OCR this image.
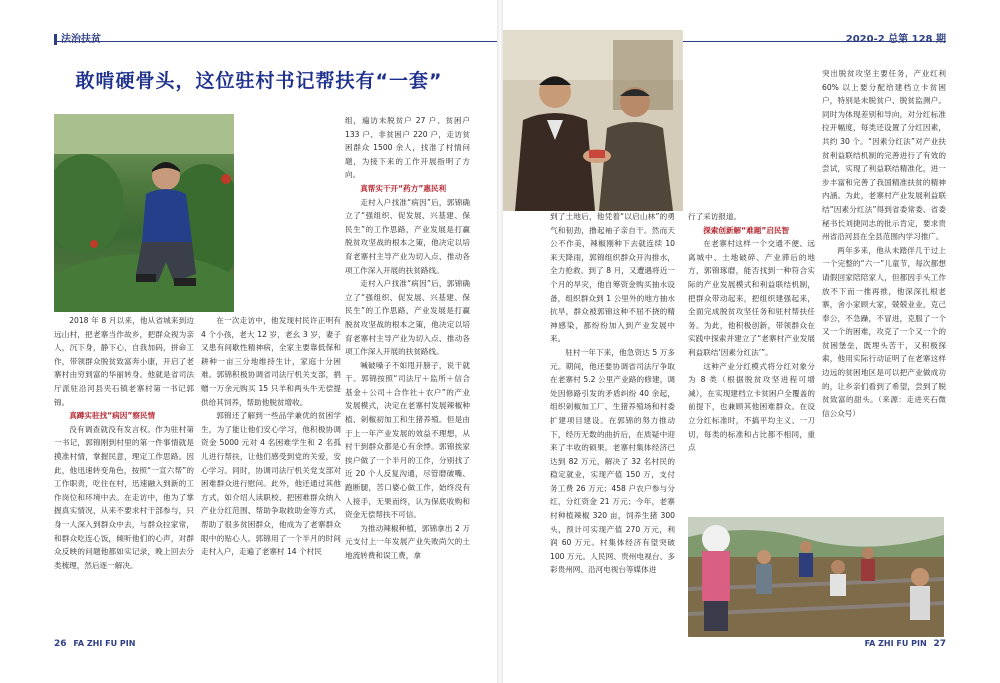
法治扶贫	2020-2 总第 128 期
敢啃硬骨头，这位驻村书记帮扶有“一套”

2018 年 8 月以来，他从省城来到边远山村，把老寨当作故乡，把群众视为亲人，沉下身，静下心，自我加码，拼命工作，带领群众脱贫致富奔小康，开启了老寨村由穷到富的华丽转身。他就是省司法厅派驻沿河县夹石镇老寨村第一书记郭锦。

真蹲实驻找“病因”察民情

没有调查就没有发言权。作为驻村第一书记，郭锦刚到村里的第一件事情就是摸准村情，掌握民意，理定工作思路。因此，他迅速转变角色，按照“一宣六帮”的工作职责，吃住在村，迅速融入到新的工作岗位和环境中去。在走访中，他为了掌握真实情况，从来不要求村干部参与，只身一人深入到群众中去，与群众拉家常，和群众吃连心饭，倾听他们的心声，对群众反映的问题他都如实记录，晚上回去分类梳理，然后逐一解决。

在一次走访中，他发现村民许正明有 4 个小孩，老大 12 岁，老幺 3 岁，妻子又患有间歇性精神病，全家主要靠低保和耕种一亩三分地维持生计，家庭十分困难。郭锦积极协调省司法厅机关支部，捐赠一万余元购买 15 只羊和两头牛无偿提供给其饲养，帮助他脱贫增收。

郭锦还了解到一些品学兼优的贫困学生，为了能让他们安心学习，他积极协调资金 5000 元对 4 名困难学生和 2 名孤儿进行帮扶，让他们感受到党的关爱，安心学习。同时，协调司法厅机关党支部对困难群众进行慰问。此外，他还通过其他方式，如介绍人读职校、把困难群众纳入产业分红范围、帮助争取救助金等方式，帮助了很多贫困群众，他成为了老寨群众眼中的贴心人。郭锦用了一个半月的时间走村入户，走遍了老寨村 14 个村民

组，遍访未脱贫户 27 户、贫困户 133 户、非贫困户 220 户，走访贫困群众 1500 余人，找准了村情问题，为接下来的工作开展指明了方向。

真帮实干开“药方”惠民利

走村入户找准“病因”后，郭锦确立了“强组织、促发展、兴基建、保民生”的工作思路，产业发展是打赢脱贫攻坚战的根本之策，他决定以培育老寨村主导产业为切入点、推动各项工作深入开展的扶贫路线。

走村入户找准“病因”后，郭锦确立了“强组织、促发展、兴基建、保民生”的工作思路，产业发展是打赢脱贫攻坚战的根本之策，他决定以培育老寨村主导产业为切入点、推动各项工作深入开展的扶贫路线。

喊破嗓子不如甩开膀子，说干就干。郭锦按照“司法厅＋监所＋信合基金＋公司＋合作社＋农户”的产业发展模式，决定在老寨村发展辣椒种植、剁椒初加工和生猪养殖。但是由于上一年产业发展的效益不理想，从村干到群众都是心有余悸。郭锦挨家挨户做了一个半月的工作，分别找了近 20 个人反复沟通，尽管磨破嘴、跑断腿，苦口婆心做工作，始终没有人接手，无果而终，认为保底收购和资金无偿帮扶不可信。

为推动辣椒种植，郭锦拿出 2 万元支付上一年发展产业失败尚欠的土地流转费和误工费，拿

到了土地后，他凭着“以启山林”的勇气和韧劲，撸起袖子亲自干。然而天公不作美，辣椒刚种下去就连续 10 来天降雨，郭锦组织群众开沟排水，全力抢救。到了 8 月，又遭遇将近一个月的旱灾，他自筹资金购买抽水设备，组织群众到 1 公里外的地方抽水抗旱，群众被郭锦这种不屈不挠的精神感染，都纷纷加入到产业发展中来。

驻村一年下来，他急资达 5 万多元。期间，他还要协调省司法厅争取在老寨村 5.2 公里产业路的修建，调处因修路引发的矛盾纠纷 40 余起，组织剁椒加工厂、生猪养殖场和村委扩建项目建设。在郭锦的努力推动下，经历无数的曲折后，在质疑中迎来了丰收的硕果。老寨村集体经济已达到 82 万元，解决了 32 名村民的稳定就业，实现产值 150 万，支付务工费 26 万元；458 户农户参与分红，分红资金 21 万元；今年，老寨村种植辣椒 320 亩，饲养生猪 300 头，预计可实现产值 270 万元，利润 60 万元。村集体经济有望突破 100 万元。人民网、贵州电视台、多彩贵州网、沿河电视台等媒体进

行了采访报道。

探索创新解“难题”启民智

在老寨村这样一个交通不便、远离城中、土地破碎、产业滞后的地方，郭锦琢磨，能否找到一种符合实际的产业发展模式和利益联结机制，把群众带动起来，把组织建强起来，全面完成脱贫攻坚任务和驻村帮扶任务。为此，他积极创新，带领群众在实践中探索并建立了“老寨村产业发展利益联结‘因素分红法’”。

这种产业分红模式将分红对象分为 8 类（根据脱贫攻坚进程可增减），在实现建档立卡贫困户全覆盖的前提下，也兼顾其他困难群众。在设立分红标准时，不搞平均主义、一刀切，每类的标准和占比都不相同，重点

突出脱贫攻坚主要任务，产业红利 60% 以上要分配给建档立卡贫困户，特别是未脱贫户、脱贫监测户。同时为体现差别和导向，对分红标准拉开幅度，每类还设置了分红因素，共约 30 个。“因素分红法”对产业扶贫利益联结机制的完善进行了有效的尝试，实现了利益联结精准化，进一步丰富和完善了我国精准扶贫的精神内涵。为此，老寨村产业发展利益联结“因素分红法”得到省委常委、省委秘书长刘捷同志的批示肯定，要求贵州省沿河县在全县范围内学习推广。

两年多来，他从未踏伴几于过上一个完整的“六一”儿童节，每次都想请假回家陪陪家人，但都因手头工作放不下而一推再推，他深深扎根老寨，舍小家顾大家，兢兢业业，克己奉公，不急躁，不冒进，克服了一个又一个的困难，攻克了一个又一个的贫困堡垒，既埋头苦干，又积极探索，他用实际行动证明了在老寨这样边远的贫困地区是可以把产业做成功的，让乡亲们看到了希望，尝到了脱贫致富的甜头。（来源：走进夹石微信公众号）

26 FA ZHI FU PIN	FA ZHI FU PIN 27
